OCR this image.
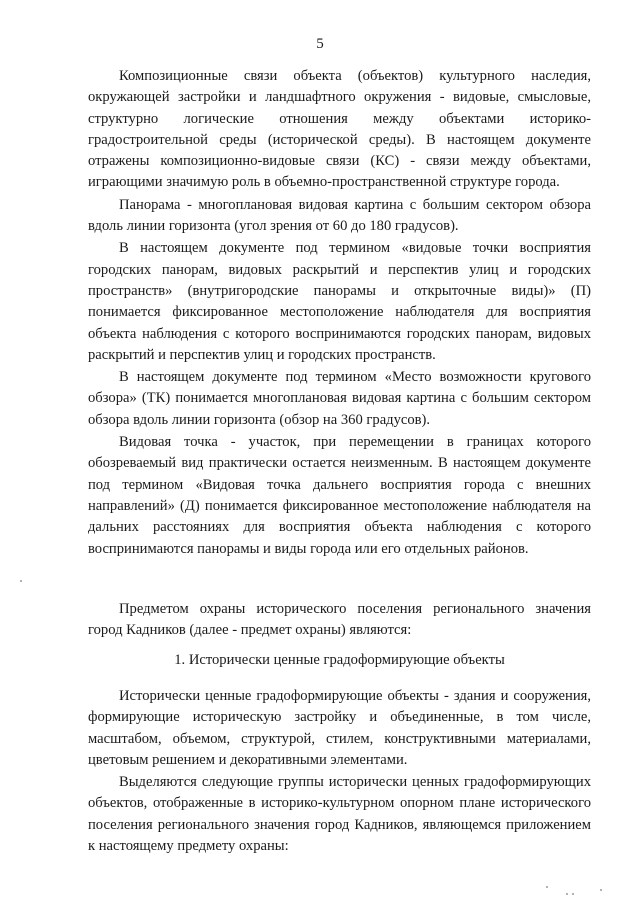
5

Композиционные связи объекта (объектов) культурного наследия, окружающей застройки и ландшафтного окружения - видовые, смысловые, структурно логические отношения между объектами историко-градостроительной среды (исторической среды). В настоящем документе отражены композиционно-видовые связи (КС) - связи между объектами, играющими значимую роль в объемно-пространственной структуре города.

Панорама - многоплановая видовая картина с большим сектором обзора вдоль линии горизонта (угол зрения от 60 до 180 градусов).

В настоящем документе под термином «видовые точки восприятия городских панорам, видовых раскрытий и перспектив улиц и городских пространств» (внутригородские панорамы и открыточные виды)» (П) понимается фиксированное местоположение наблюдателя для восприятия объекта наблюдения с которого воспринимаются городских панорам, видовых раскрытий и перспектив улиц и городских пространств.

В настоящем документе под термином «Место возможности кругового обзора» (ТК) понимается многоплановая видовая картина с большим сектором обзора вдоль линии горизонта (обзор на 360 градусов).

Видовая точка - участок, при перемещении в границах которого обозреваемый вид практически остается неизменным. В настоящем документе под термином «Видовая точка дальнего восприятия города с внешних направлений» (Д) понимается фиксированное местоположение наблюдателя на дальних расстояниях для восприятия объекта наблюдения с которого воспринимаются панорамы и виды города или его отдельных районов.

Предметом охраны исторического поселения регионального значения город Кадников (далее - предмет охраны) являются:

1. Исторически ценные градоформирующие объекты

Исторически ценные градоформирующие объекты - здания и сооружения, формирующие историческую застройку и объединенные, в том числе, масштабом, объемом, структурой, стилем, конструктивными материалами, цветовым решением и декоративными элементами.

Выделяются следующие группы исторически ценных градоформирующих объектов, отображенные в историко-культурном опорном плане исторического поселения регионального значения город Кадников, являющемся приложением к настоящему предмету охраны:
